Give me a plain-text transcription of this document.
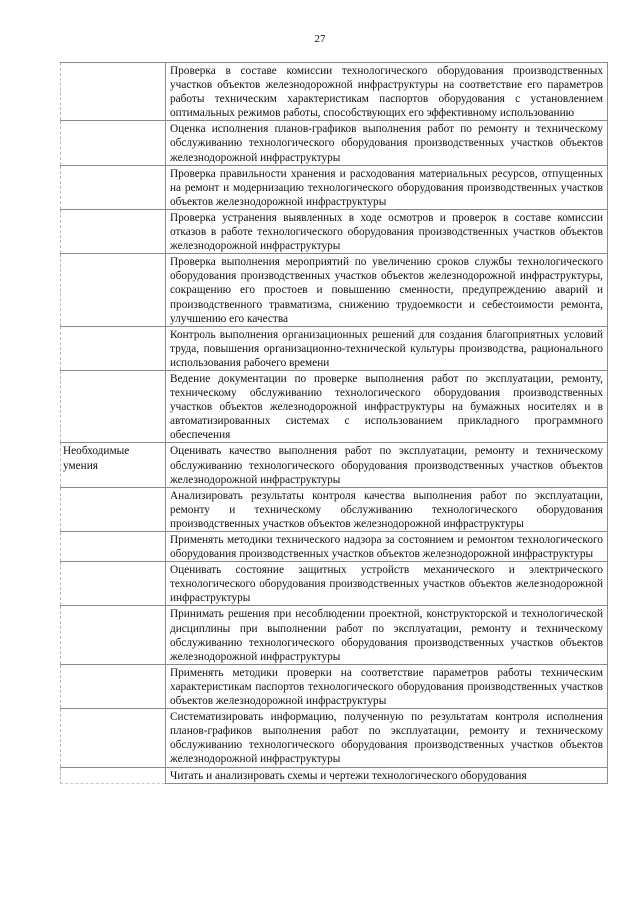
27
	Проверка в составе комиссии технологического оборудования производственных участков объектов железнодорожной инфраструктуры на соответствие его параметров работы техническим характеристикам паспортов оборудования с установлением оптимальных режимов работы, способствующих его эффективному использованию
	Оценка исполнения планов-графиков выполнения работ по ремонту и техническому обслуживанию технологического оборудования производственных участков объектов железнодорожной инфраструктуры
	Проверка правильности хранения и расходования материальных ресурсов, отпущенных на ремонт и модернизацию технологического оборудования производственных участков объектов железнодорожной инфраструктуры
	Проверка устранения выявленных в ходе осмотров и проверок в составе комиссии отказов в работе технологического оборудования производственных участков объектов железнодорожной инфраструктуры
	Проверка выполнения мероприятий по увеличению сроков службы технологического оборудования производственных участков объектов железнодорожной инфраструктуры, сокращению его простоев и повышению сменности, предупреждению аварий и производственного травматизма, снижению трудоемкости и себестоимости ремонта, улучшению его качества
	Контроль выполнения организационных решений для создания благоприятных условий труда, повышения организационно-технической культуры производства, рационального использования рабочего времени
	Ведение документации по проверке выполнения работ по эксплуатации, ремонту, техническому обслуживанию технологического оборудования производственных участков объектов железнодорожной инфраструктуры на бумажных носителях и в автоматизированных системах с использованием прикладного программного обеспечения
Необходимые умения	Оценивать качество выполнения работ по эксплуатации, ремонту и техническому обслуживанию технологического оборудования производственных участков объектов железнодорожной инфраструктуры
	Анализировать результаты контроля качества выполнения работ по эксплуатации, ремонту и техническому обслуживанию технологического оборудования производственных участков объектов железнодорожной инфраструктуры
	Применять методики технического надзора за состоянием и ремонтом технологического оборудования производственных участков объектов железнодорожной инфраструктуры
	Оценивать состояние защитных устройств механического и электрического технологического оборудования производственных участков объектов железнодорожной инфраструктуры
	Принимать решения при несоблюдении проектной, конструкторской и технологической дисциплины при выполнении работ по эксплуатации, ремонту и техническому обслуживанию технологического оборудования производственных участков объектов железнодорожной инфраструктуры
	Применять методики проверки на соответствие параметров работы техническим характеристикам паспортов технологического оборудования производственных участков объектов железнодорожной инфраструктуры
	Систематизировать информацию, полученную по результатам контроля исполнения планов-графиков выполнения работ по эксплуатации, ремонту и техническому обслуживанию технологического оборудования производственных участков объектов железнодорожной инфраструктуры
	Читать и анализировать схемы и чертежи технологического оборудования
